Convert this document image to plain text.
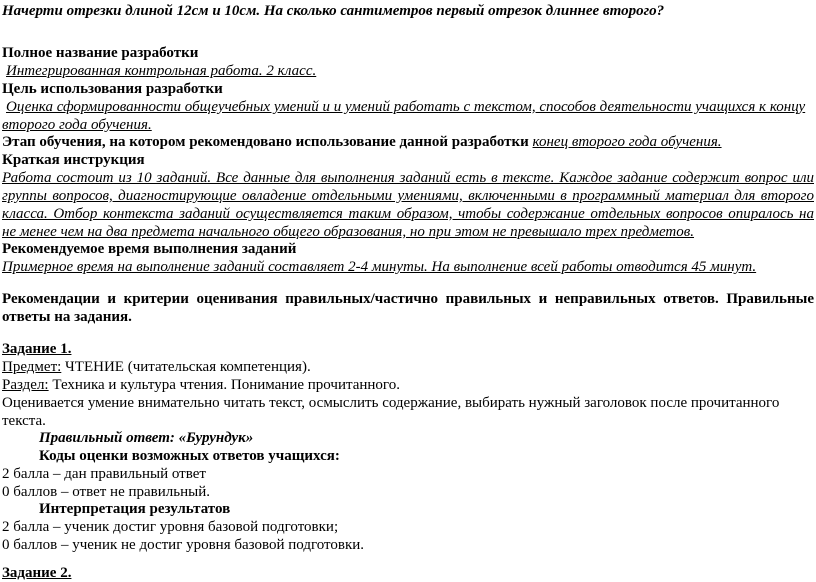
Начерти отрезки длиной 12см и 10см. На сколько сантиметров первый отрезок длиннее второго?
Полное название разработки
Интегрированная контрольная работа. 2 класс.
Цель использования разработки
Оценка сформированности общеучебных умений и и умений работать с текстом, способов деятельности учащихся к концу
второго года обучения.
Этап обучения, на котором рекомендовано использование данной разработки конец второго года обучения.
Краткая инструкция
Работа состоит из 10 заданий. Все данные для выполнения заданий есть в тексте. Каждое задание содержит вопрос или
группы вопросов, диагностирующие овладение отдельными умениями, включенными в программный материал для второго
класса. Отбор контекста заданий осуществляется таким образом, чтобы содержание отдельных вопросов опиралось на
не менее чем на два предмета начального общего образования, но при этом не превышало трех предметов.
Рекомендуемое время выполнения заданий
Примерное время на выполнение заданий составляет 2-4 минуты. На выполнение всей работы отводится 45 минут.
Рекомендации и критерии оценивания правильных/частично правильных и неправильных ответов. Правильные
ответы на задания.
Задание 1.
Предмет: ЧТЕНИЕ (читательская компетенция).
Раздел: Техника и культура чтения. Понимание прочитанного.
Оценивается умение внимательно читать текст, осмыслить содержание, выбирать нужный заголовок после прочитанного
текста.
Правильный ответ: «Бурундук»
Коды оценки возможных ответов учащихся:
2 балла – дан правильный ответ
0 баллов – ответ не правильный.
Интерпретация результатов
2 балла – ученик достиг уровня базовой подготовки;
0 баллов – ученик не достиг уровня базовой подготовки.
Задание 2.
